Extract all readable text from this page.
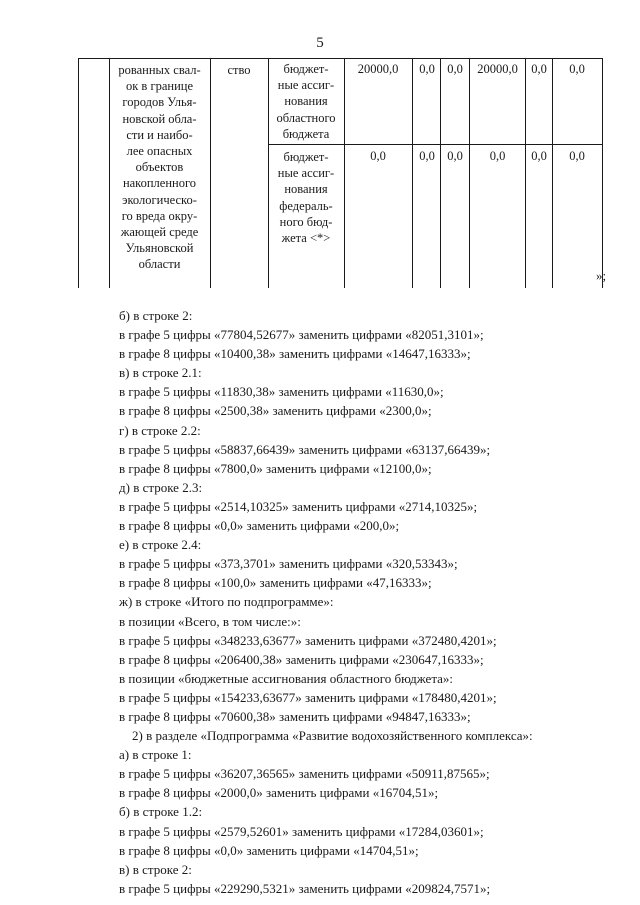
5
рованных свал-
ок в границе
городов Улья-
новской обла-
сти и наибо-
лее опасных
объектов
накопленного
экологическо-
го вреда окру-
жающей среде
Ульяновской
области
ство	бюджет-
ные ассиг-
нования
областного
бюджета
20000,0	0,0 0,0	20000,0	0,0	0,0
бюджет-
ные ассиг-
нования
федераль-
ного бюд-
жета <*>
0,0	0,0 0,0	0,0	0,0	0,0
»;

б) в строке 2:

в графе 5 цифры «77804,52677» заменить цифрами «82051,3101»;

в графе 8 цифры «10400,38» заменить цифрами «14647,16333»;

в) в строке 2.1:

в графе 5 цифры «11830,38» заменить цифрами «11630,0»;

в графе 8 цифры «2500,38» заменить цифрами «2300,0»;

г) в строке 2.2:

в графе 5 цифры «58837,66439» заменить цифрами «63137,66439»;

в графе 8 цифры «7800,0» заменить цифрами «12100,0»;

д) в строке 2.3:

в графе 5 цифры «2514,10325» заменить цифрами «2714,10325»;

в графе 8 цифры «0,0» заменить цифрами «200,0»;

е) в строке 2.4:

в графе 5 цифры «373,3701» заменить цифрами «320,53343»;

в графе 8 цифры «100,0» заменить цифрами «47,16333»;

ж) в строке «Итого по подпрограмме»:

в позиции «Всего, в том числе:»:

в графе 5 цифры «348233,63677» заменить цифрами «372480,4201»;

в графе 8 цифры «206400,38» заменить цифрами «230647,16333»;

в позиции «бюджетные ассигнования областного бюджета»:

в графе 5 цифры «154233,63677» заменить цифрами «178480,4201»;

в графе 8 цифры «70600,38» заменить цифрами «94847,16333»;

2) в разделе «Подпрограмма «Развитие водохозяйственного комплекса»:

а) в строке 1:

в графе 5 цифры «36207,36565» заменить цифрами «50911,87565»;

в графе 8 цифры «2000,0» заменить цифрами «16704,51»;

б) в строке 1.2:

в графе 5 цифры «2579,52601» заменить цифрами «17284,03601»;

в графе 8 цифры «0,0» заменить цифрами «14704,51»;

в) в строке 2:

в графе 5 цифры «229290,5321» заменить цифрами «209824,7571»;
